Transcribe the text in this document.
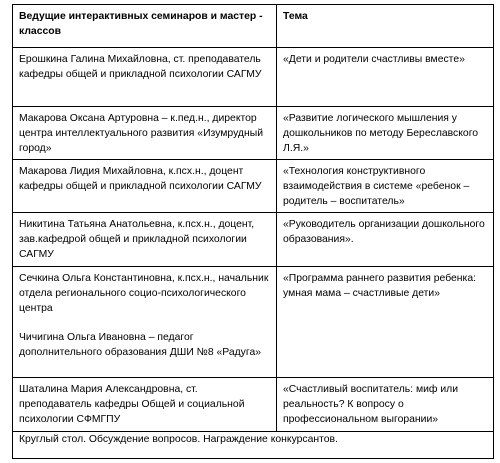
Ведущие интерактивных семинаров и мастер - классов	Тема

Ерошкина Галина Михайловна, ст. преподаватель кафедры общей и прикладной психологии САГМУ	«Дети и родители счастливы вместе»

Макарова Оксана Артуровна – к.пед.н., директор центра интеллектуального развития «Изумрудный город»	«Развитие логического мышления у дошкольников по методу Береславского Л.Я.»

Макарова Лидия Михайловна, к.псх.н., доцент кафедры общей и прикладной психологии САГМУ	«Технология конструктивного взаимодействия в системе «ребенок – родитель – воспитатель»

Никитина Татьяна Анатольевна, к.псх.н., доцент, зав.кафедрой общей и прикладной психологии САГМУ	«Руководитель организации дошкольного образования».

Сечкина Ольга Константиновна, к.псх.н., начальник отдела регионального социо-психологического центра
Чичигина Ольга Ивановна – педагог дополнительного образования ДШИ №8 «Радуга»	«Программа раннего развития ребенка: умная мама – счастливые дети»

Шаталина Мария Александровна, ст. преподаватель кафедры Общей и социальной психологии СФМГПУ	«Счастливый воспитатель: миф или реальность? К вопросу о профессиональном выгорании»

Круглый стол. Обсуждение вопросов. Награждение конкурсантов.	
